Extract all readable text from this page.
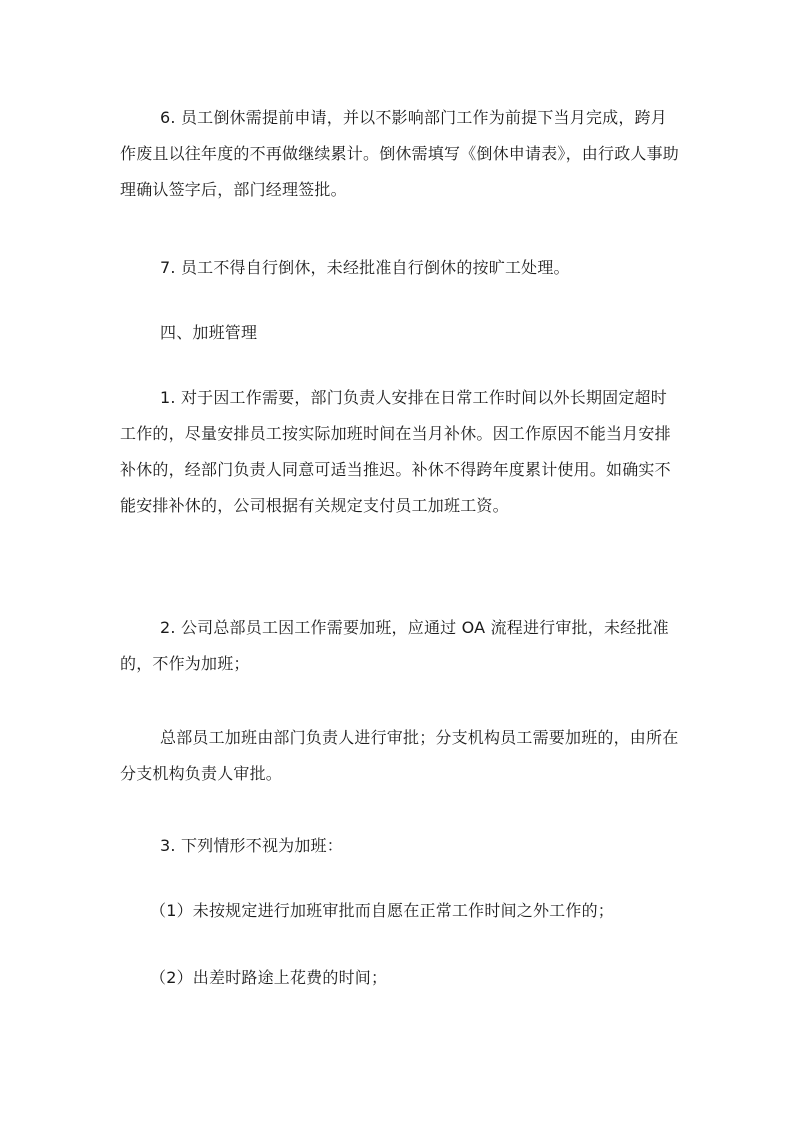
6. 员工倒休需提前申请，并以不影响部门工作为前提下当月完成，跨月作废且以往年度的不再做继续累计。倒休需填写《倒休申请表》，由行政人事助理确认签字后，部门经理签批。

7. 员工不得自行倒休，未经批准自行倒休的按旷工处理。

四、加班管理

1. 对于因工作需要，部门负责人安排在日常工作时间以外长期固定超时工作的，尽量安排员工按实际加班时间在当月补休。因工作原因不能当月安排补休的，经部门负责人同意可适当推迟。补休不得跨年度累计使用。如确实不能安排补休的，公司根据有关规定支付员工加班工资。

2. 公司总部员工因工作需要加班，应通过 OA 流程进行审批，未经批准的，不作为加班；

总部员工加班由部门负责人进行审批；分支机构员工需要加班的，由所在分支机构负责人审批。

3. 下列情形不视为加班：

（1）未按规定进行加班审批而自愿在正常工作时间之外工作的；

（2）出差时路途上花费的时间；
